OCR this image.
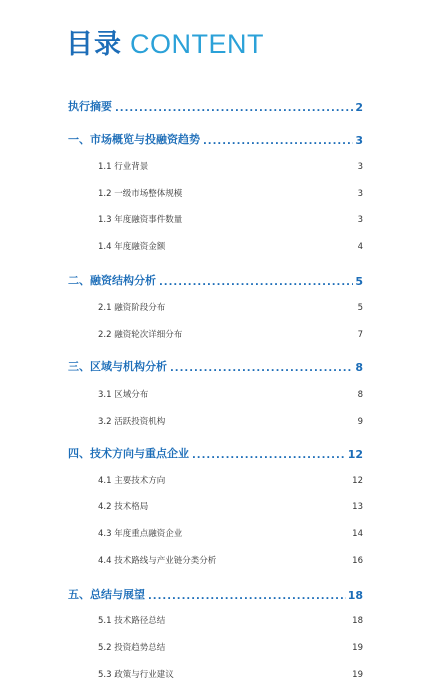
目录 CONTENT
执行摘要 .....	2
一、市场概览与投融资趋势 .....	3
1.1 行业背景 .....	3
1.2 一级市场整体规模 .....	3
1.3 年度融资事件数量 .....	3
1.4 年度融资金额 .....	4
二、融资结构分析 .....	5
2.1 融资阶段分布 .....	5
2.2 融资轮次详细分布 .....	7
三、区域与机构分析 .....	8
3.1 区域分布 .....	8
3.2 活跃投资机构 .....	9
四、技术方向与重点企业 .....	12
4.1 主要技术方向 .....	12
4.2 技术格局 .....	13
4.3 年度重点融资企业 .....	14
4.4 技术路线与产业链分类分析 .....	16
五、总结与展望 .....	18
5.1 技术路径总结 .....	18
5.2 投资趋势总结 .....	19
5.3 政策与行业建议 .....	19
